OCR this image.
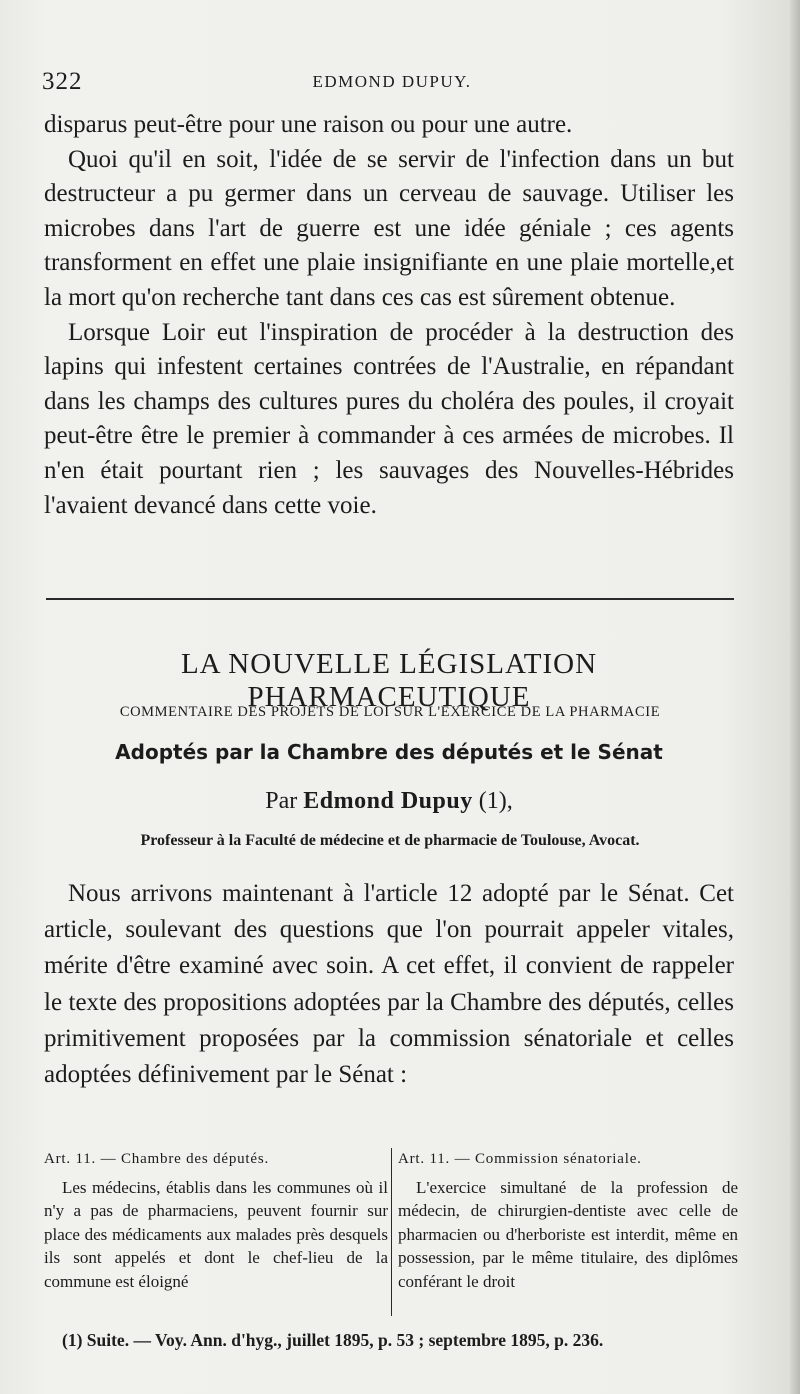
322	EDMOND DUPUY.

disparus peut-être pour une raison ou pour une autre.

Quoi qu'il en soit, l'idée de se servir de l'infection dans un but destructeur a pu germer dans un cerveau de sauvage. Utiliser les microbes dans l'art de guerre est une idée géniale ; ces agents transforment en effet une plaie insignifiante en une plaie mortelle,et la mort qu'on recherche tant dans ces cas est sûrement obtenue.

Lorsque Loir eut l'inspiration de procéder à la destruction des lapins qui infestent certaines contrées de l'Australie, en répandant dans les champs des cultures pures du choléra des poules, il croyait peut-être être le premier à commander à ces armées de microbes. Il n'en était pourtant rien ; les sauvages des Nouvelles-Hébrides l'avaient devancé dans cette voie.

LA NOUVELLE LÉGISLATION PHARMACEUTIQUE
COMMENTAIRE DES PROJETS DE LOI SUR L'EXERCICE DE LA PHARMACIE
Adoptés par la Chambre des députés et le Sénat
Par Edmond Dupuy (1),
Professeur à la Faculté de médecine et de pharmacie de Toulouse, Avocat.

Nous arrivons maintenant à l'article 12 adopté par le Sénat. Cet article, soulevant des questions que l'on pourrait appeler vitales, mérite d'être examiné avec soin. A cet effet, il convient de rappeler le texte des propositions adoptées par la Chambre des députés, celles primitivement proposées par la commission sénatoriale et celles adoptées définivement par le Sénat :

Art. 11. — Chambre des députés.
Les médecins, établis dans les communes où il n'y a pas de pharmaciens, peuvent fournir sur place des médicaments aux malades près desquels ils sont appelés et dont le chef-lieu de la commune est éloigné
Art. 11. — Commission sénatoriale.
L'exercice simultané de la profession de médecin, de chirurgien-dentiste avec celle de pharmacien ou d'herboriste est interdit, même en possession, par le même titulaire, des diplômes conférant le droit
(1) Suite. — Voy. Ann. d'hyg., juillet 1895, p. 53 ; septembre 1895, p. 236.
